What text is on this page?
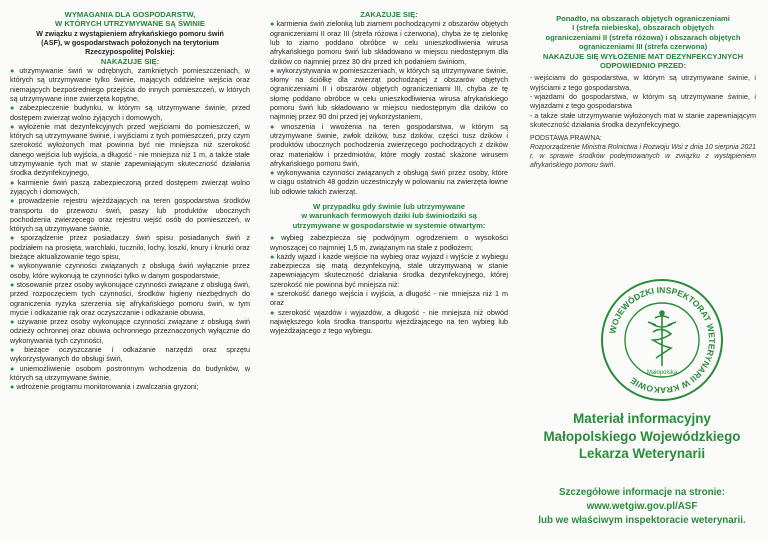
WYMAGANIA DLA GOSPODARSTW,
W KTÓRYCH UTRZYMYWANE SĄ ŚWINIE
W związku z wystąpieniem afrykańskiego pomoru świń
(ASF), w gospodarstwach położonych na terytorium
Rzeczypospolitej Polskiej:
NAKAZUJE SIĘ:
● utrzymywanie świń w odrębnych, zamkniętych pomieszczeniach, w których są utrzymywane tylko świnie, mających oddzielne wejścia oraz niemających bezpośredniego przejścia do innych pomieszczeń, w których są utrzymywane inne zwierzęta kopytne,
● zabezpieczenie budynku, w którym są utrzymywane świnie, przed dostępem zwierząt wolno żyjących i domowych,
● wyłożenie mat dezynfekcyjnych przed wejściami do pomieszczeń, w których są utrzymywane świnie, i wyjściami z tych pomieszczeń, przy czym szerokość wyłożonych mat powinna być nie mniejsza niż szerokość danego wejścia lub wyjścia, a długość - nie mniejsza niż 1 m, a także stałe utrzymywanie tych mat w stanie zapewniającym skuteczność działania środka dezynfekcyjnego,
● karmienie świń paszą zabezpieczoną przed dostępem zwierząt wolno żyjących i domowych,
● prowadzenie rejestru wjeżdżających na teren gospodarstwa środków transportu do przewozu świń, paszy lub produktów ubocznych pochodzenia zwierzęcego oraz rejestru wejść osób do pomieszczeń, w których są utrzymywane świnie,
● sporządzenie przez posiadaczy świń spisu posiadanych świń z podziałem na prosięta, warchlaki, tuczniki, lochy, loszki, knury i knurki oraz bieżące aktualizowanie tego spisu,
● wykonywanie czynności związanych z obsługą świń wyłącznie przez osoby, które wykonują te czynności tylko w danym gospodarstwie,
● stosowanie przez osoby wykonujące czynności związane z obsługą świń, przed rozpoczęciem tych czynności, środków higieny niezbędnych do ograniczenia ryzyka szerzenia się afrykańskiego pomoru świń, w tym mycie i odkażanie rąk oraz oczyszczanie i odkażanie obuwia,
● używanie przez osoby wykonujące czynności związane z obsługą świń odzieży ochronnej oraz obuwia ochronnego przeznaczonych wyłącznie do wykonywania tych czynności,
● bieżące oczyszczanie i odkażanie narzędzi oraz sprzętu wykorzystywanych do obsługi świń,
● uniemożliwienie osobom postronnym wchodzenia do budynków, w których są utrzymywane świnie,
● wdrożenie programu monitorowania i zwalczania gryzoni;
ZAKAZUJE SIĘ:
● karmienia świń zielonką lub ziarnem pochodzącymi z obszarów objętych ograniczeniami II oraz III (strefa różowa i czerwona), chyba że tę zielonkę lub to ziarno poddano obróbce w celu unieszkodliwienia wirusa afrykańskiego pomoru świń lub składowano w miejscu niedostępnym dla dzików co najmniej przez 30 dni przed ich podaniem świniom,
● wykorzystywania w pomieszczeniach, w których są utrzymywane świnie, słomy na ściółkę dla zwierząt pochodzącej z obszarów objętych ograniczeniami II i obszarów objętych ograniczeniami III, chyba że tę słomę poddano obróbce w celu unieszkodliwienia wirusa afrykańskiego pomoru świń lub składowano w miejscu niedostępnym dla dzików co najmniej przez 90 dni przed jej wykorzystaniem,
● wnoszenia i wwożenia na teren gospodarstwa, w którym są utrzymywane świnie, zwłok dzików, tusz dzików, części tusz dzików i produktów ubocznych pochodzenia zwierzęcego pochodzących z dzików oraz materiałów i przedmiotów, które mogły zostać skażone wirusem afrykańskiego pomoru świń,
● wykonywania czynności związanych z obsługą świń przez osoby, które w ciągu ostatnich 48 godzin uczestniczyły w polowaniu na zwierzęta łowne lub odłowie takich zwierząt.
W przypadku gdy świnie lub utrzymywane
w warunkach fermowych dziki lub świniodziki są
utrzymywane w gospodarstwie w systemie otwartym:
● wybieg zabezpiecza się podwójnym ogrodzeniem o wysokości wynoszącej co najmniej 1,5 m, związanym na stałe z podłożem;
● każdy wjazd i każde wejście na wybieg oraz wyjazd i wyjście z wybiegu zabezpiecza się matą dezynfekcyjną, stale utrzymywaną w stanie zapewniającym skuteczność działania środka dezynfekcyjnego, której szerokość nie powinna być mniejsza niż:
● szerokość danego wejścia i wyjścia, a długość - nie mniejsza niż 1 m oraz
● szerokość wjazdów i wyjazdów, a długość - nie mniejsza niż obwód największego koła środka transportu wjeżdżającego na ten wybieg lub wyjeżdżającego z tego wybiegu.
Ponadto, na obszarach objętych ograniczeniami
I (strefa niebieska), obszarach objętych
ograniczeniami II (strefa różowa) i obszarach objętych
ograniczeniami III (strefa czerwona)
NAKAZUJE SIĘ WYŁOŻENIE MAT DEZYNFEKCYJNYCH
ODPOWIEDNIO PRZED:
- wejściami do gospodarstwa, w którym są utrzymywane świnie, i wyjściami z tego gospodarstwa,
- wjazdami do gospodarstwa, w którym są utrzymywane świnie, i wyjazdami z tego gospodarstwa
- a także stałe utrzymywanie wyłożonych mat w stanie zapewniającym skuteczność działania środka dezynfekcyjnego.
PODSTAWA PRAWNA:
Rozporządzenie Ministra Rolnictwa i Rozwoju Wsi z dnia 10 sierpnia 2021 r. w sprawie środków podejmowanych w związku z wystąpieniem afrykańskiego pomoru świń.
WOJEWÓDZKI INSPEKTORAT WETERYNARII W KRAKOWIE
Małopolska
Materiał informacyjny
Małopolskiego Wojewódzkiego
Lekarza Weterynarii
Szczegółowe informacje na stronie:
www.wetgiw.gov.pl/ASF
lub we właściwym inspektoracie weterynarii.
